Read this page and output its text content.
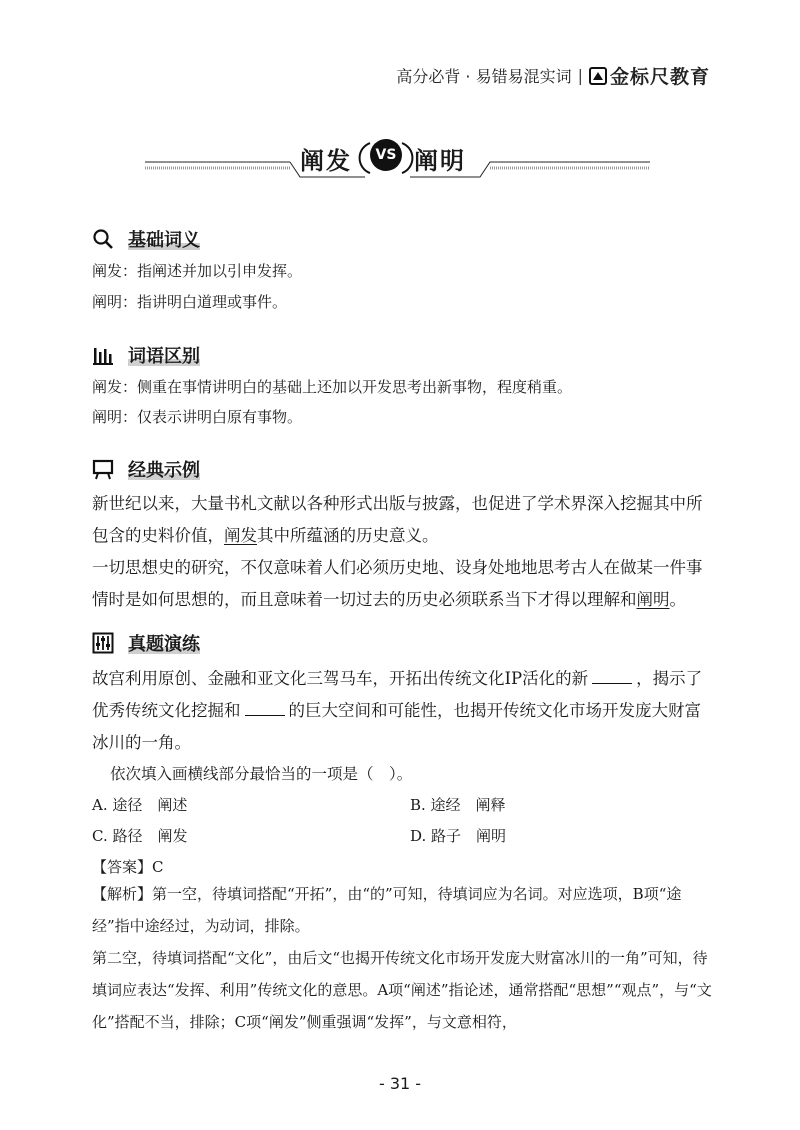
高分必背 · 易错易混实词 | 金标尺教育
阐发	VS 阐明
基础词义
阐发：指阐述并加以引申发挥。
阐明：指讲明白道理或事件。
词语区别
阐发：侧重在事情讲明白的基础上还加以开发思考出新事物，程度稍重。
阐明：仅表示讲明白原有事物。
经典示例

新世纪以来，大量书札文献以各种形式出版与披露，也促进了学术界深入挖掘其中所包含的史料价值，阐发其中所蕴涵的历史意义。

一切思想史的研究，不仅意味着人们必须历史地、设身处地地思考古人在做某一件事情时是如何思想的，而且意味着一切过去的历史必须联系当下才得以理解和阐明。

真题演练

故宫利用原创、金融和亚文化三驾马车，开拓出传统文化IP活化的新	，揭示了优秀传统文化挖掘和	的巨大空间和可能性，也揭开传统文化市场开发庞大财富冰川的一角。

依次填入画横线部分最恰当的一项是（　）。
A. 途径　阐述	B. 途经　阐释
C. 路径　阐发	D. 路子　阐明
【答案】C

【解析】第一空，待填词搭配“开拓”，由“的”可知，待填词应为名词。对应选项，B项“途经”指中途经过，为动词，排除。

第二空，待填词搭配“文化”，由后文“也揭开传统文化市场开发庞大财富冰川的一角”可知，待填词应表达“发挥、利用”传统文化的意思。A项“阐述”指论述，通常搭配“思想”“观点”，与“文化”搭配不当，排除；C项“阐发”侧重强调“发挥”，与文意相符，

- 31 -
